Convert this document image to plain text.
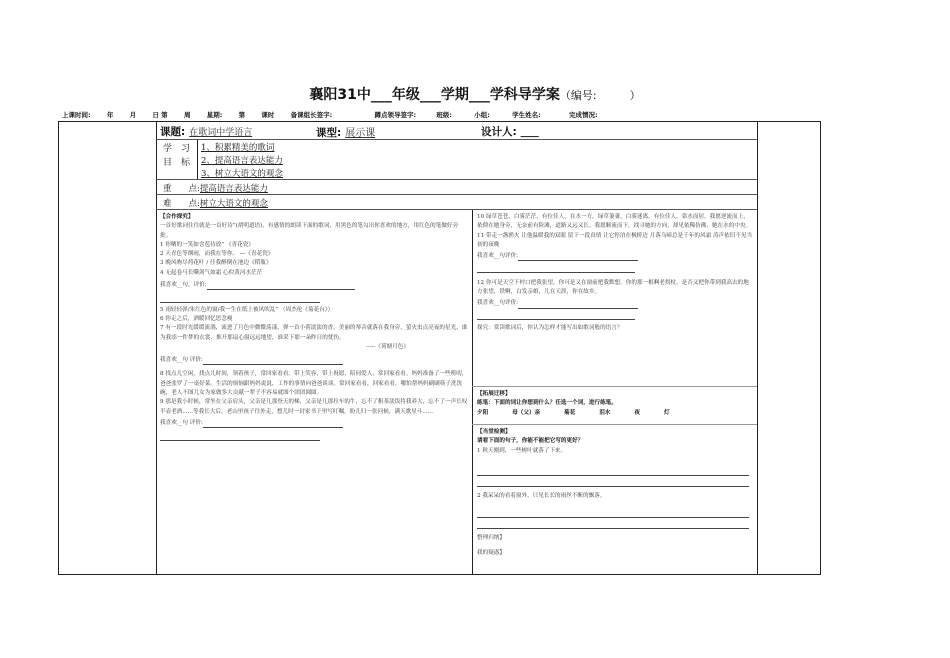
襄阳31中___年级___学期___学科导学案（编号:　　　）
上课时间:	年	月	日 第	周	星期:	第	课时	备课组长签字:	蹲点领导签字:	班级:	小组:	学生姓名:	完成情况:
课题: 在歌词中学语言	课型: 展示课	设计人: ____
学　习
目　标
1、积累精美的歌词
2、提高语言表达能力
3、树立大语文的观念
重　　点:提高语言表达能力
难　　点:树立大语文的观念

【合作探究】

一首好歌词往往就是一首好诗”(胡明道语)，有感情的朗读下面的歌词，用黑色的笔勾出你喜欢的地方，用红色的笔做好旁批。

1 你晒的一笑如含苞待放” 《青花瓷》

2 天青色等烟雨，而我在等你。 —《青花瓷》

3 晚风吻尽荷花叶 / 任我醉倒在池边《稻瓶》

4 无起卷马长嘶剑气如霜 心似黄河水茫茫

我喜欢__句，评价:

5 雨轻轻弹/朱红色的窗/我一生在纸上被风吹乱” （周杰伦《菊花台》）

6 你走之后，酒暖回忆思念瘦

7 有一段时光缓缓流淌，流进了月色中微微荡漾，弹一首小荷淡淡的香，美丽的琴音就落在我身旁，萤火虫点亮夜的星光，谁为我添一件梦的衣裳，推开那扇心窗远远地望，谁采下那一朵昨日的忧伤。

-----《荷塘月色》

我喜欢__句 评价:

8 找点儿空闲，找点儿时间，领着孩子，常回家看看。带上笑容，带上祝愿，陪同爱人，常回家看看。妈妈准备了一些唠叨，爸爸张罗了一桌好菜。生活的烦恼跟妈妈说说，工作的事情向爸爸谈谈。常回家看看，回家看看，哪怕帮妈妈刷刷筷子洗洗碗，老人不图儿女为家做多大贡献一辈子不容易就图个团团圆圆。

9 那是我小时候，常坐在父亲肩头，父亲是儿那登天的梯，父亲是儿那拉车的牛，忘不了粗茶淡饭将我养大，忘不了一声长叹半壶老酒......等我长大后，老山里孩子往外走，想儿时一封家书千里写叮嘱，盼儿归一张问候，满天歌星斗......

我喜欢__句 评价:

10 绿草苍苍，白雾茫茫，有位佳人，在水一方。绿草萋萋，白雾迷离，有位佳人，靠水而居。我愿逆流而上，依偎在她身旁，无奈前有险滩，道路又远又长。我愿顺流而下，找寻她的方向，却见依稀仿佛，她在水的中央。

11 带走一盏渔火 让他温暖我的双眼 留下一段真情 让它停泊在枫桥边 月落乌啼总是千年的风霜 涛声依旧不见当初的夜晚

我喜欢__句评价:

12 你可是天空下村口把我张望，你可是又在窗前把我默想。你的那一根啊老拐杖，是否又把你带到我高去的地方张望，铁啊，白发亲娘，儿在天涯，你在故乡。

我喜欢__句评价:

探究：赏读歌词后，你认为怎样才能写出如歌词般的语言？

【拓展迁移】

练笔：下面的词让你想到什么？任选一个词，进行练笔。

夕阳	母（父）亲	菊花	泪水	夜	灯

【当堂检测】

请看下面的句子，你能不能把它写的更好？

1 秋天刚到，一些树叶就落了下来。

2 我呆呆的看着窗外，只见长长的雨丝不断的飘落。

整理归纳】

我的疑惑】
